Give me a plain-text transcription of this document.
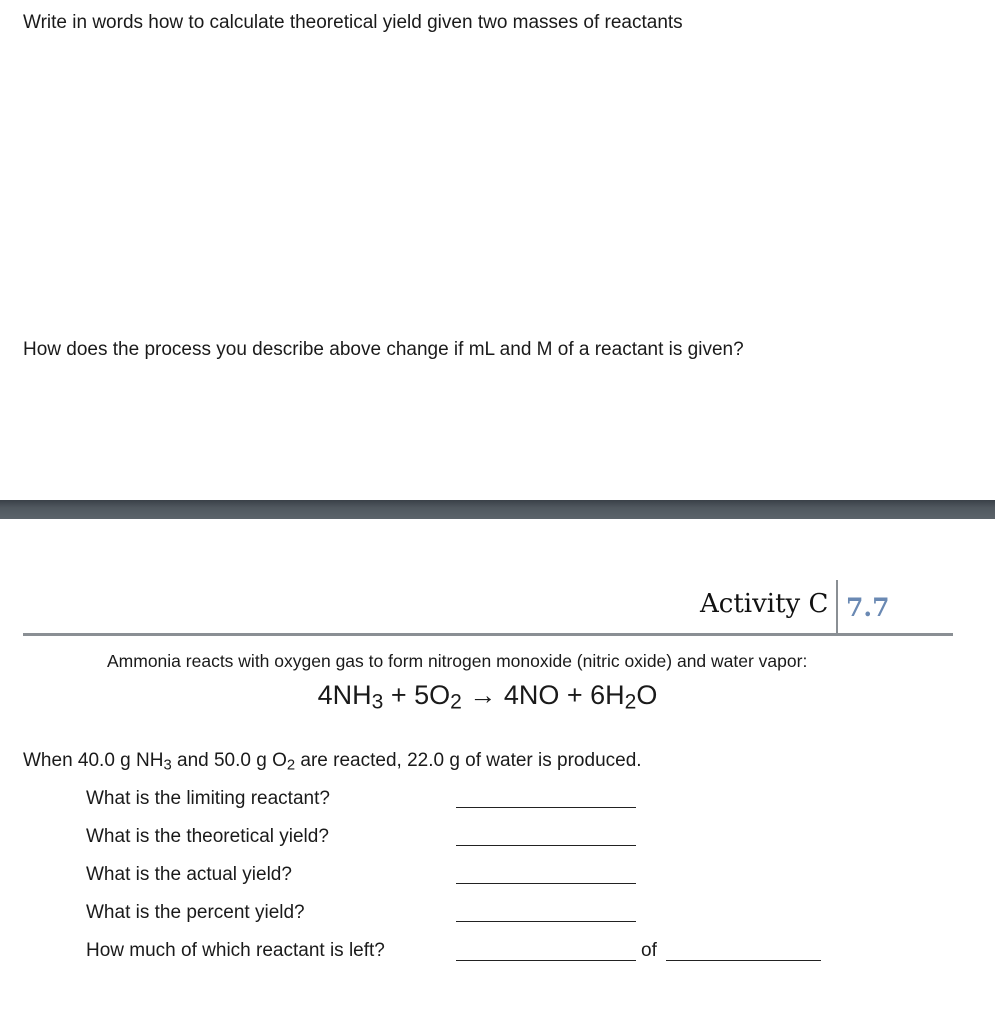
Write in words how to calculate theoretical yield given two masses of reactants
How does the process you describe above change if mL and M of a reactant is given?
Activity C 7.7
Ammonia reacts with oxygen gas to form nitrogen monoxide (nitric oxide) and water vapor:
$4NH_3 + 5O_2 \to 4NO + 6H_2O$
When 40.0 g $NH_3$ and 50.0 g $O_2$ are reacted, 22.0 g of water is produced.
What is the limiting reactant?
What is the theoretical yield?
What is the actual yield?
What is the percent yield?
How much of which reactant is left?	of
